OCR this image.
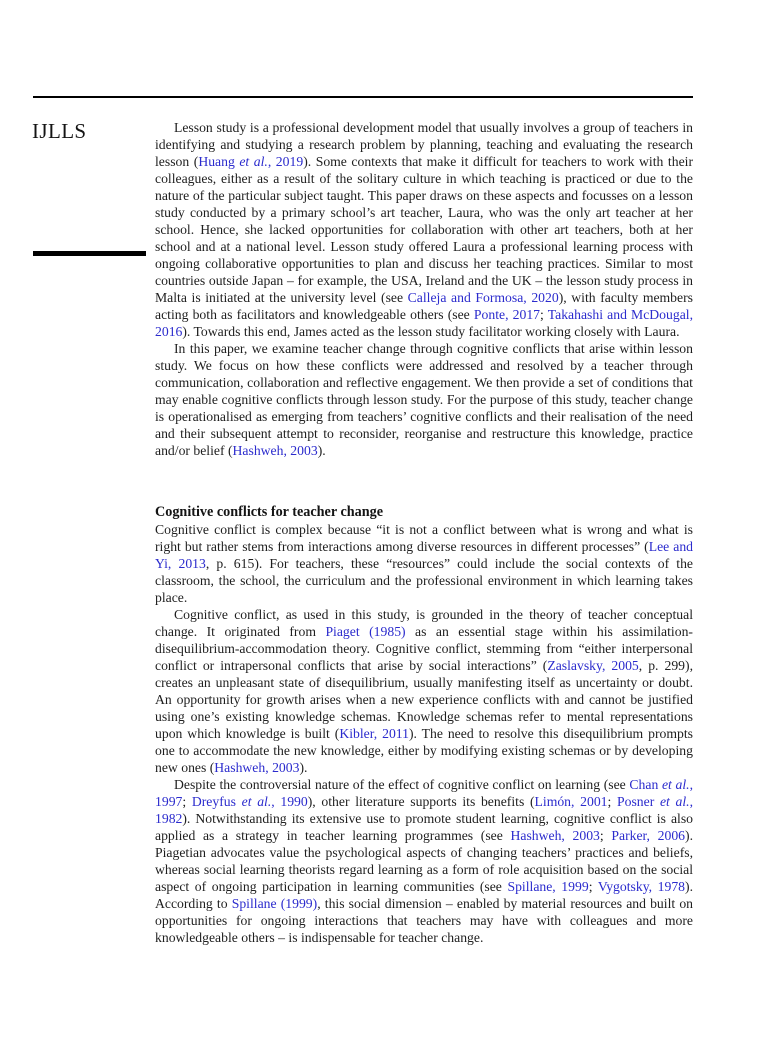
IJLLS	Lesson study is a professional development model that usually involves a group of teachers in identifying and studying a research problem by planning, teaching and evaluating the research lesson (Huang et al., 2019). Some contexts that make it difficult for teachers to work with their colleagues, either as a result of the solitary culture in which teaching is practiced or due to the nature of the particular subject taught. This paper draws on these aspects and focusses on a lesson study conducted by a primary school’s art teacher, Laura, who was the only art teacher at her school. Hence, she lacked opportunities for collaboration with other art teachers, both at her school and at a national level. Lesson study offered Laura a professional learning process with ongoing collaborative opportunities to plan and discuss her teaching practices. Similar to most countries outside Japan – for example, the USA, Ireland and the UK – the lesson study process in Malta is initiated at the university level (see Calleja and Formosa, 2020), with faculty members acting both as facilitators and knowledgeable others (see Ponte, 2017; Takahashi and McDougal, 2016). Towards this end, James acted as the lesson study facilitator working closely with Laura.

In this paper, we examine teacher change through cognitive conflicts that arise within lesson study. We focus on how these conflicts were addressed and resolved by a teacher through communication, collaboration and reflective engagement. We then provide a set of conditions that may enable cognitive conflicts through lesson study. For the purpose of this study, teacher change is operationalised as emerging from teachers’ cognitive conflicts and their realisation of the need and their subsequent attempt to reconsider, reorganise and restructure this knowledge, practice and/or belief (Hashweh, 2003).

Cognitive conflicts for teacher change

Cognitive conflict is complex because “it is not a conflict between what is wrong and what is right but rather stems from interactions among diverse resources in different processes” (Lee and Yi, 2013, p. 615). For teachers, these “resources” could include the social contexts of the classroom, the school, the curriculum and the professional environment in which learning takes place.

Cognitive conflict, as used in this study, is grounded in the theory of teacher conceptual change. It originated from Piaget (1985) as an essential stage within his assimilation-disequilibrium-accommodation theory. Cognitive conflict, stemming from “either interpersonal conflict or intrapersonal conflicts that arise by social interactions” (Zaslavsky, 2005, p. 299), creates an unpleasant state of disequilibrium, usually manifesting itself as uncertainty or doubt. An opportunity for growth arises when a new experience conflicts with and cannot be justified using one’s existing knowledge schemas. Knowledge schemas refer to mental representations upon which knowledge is built (Kibler, 2011). The need to resolve this disequilibrium prompts one to accommodate the new knowledge, either by modifying existing schemas or by developing new ones (Hashweh, 2003).

Despite the controversial nature of the effect of cognitive conflict on learning (see Chan et al., 1997; Dreyfus et al., 1990), other literature supports its benefits (Limón, 2001; Posner et al., 1982). Notwithstanding its extensive use to promote student learning, cognitive conflict is also applied as a strategy in teacher learning programmes (see Hashweh, 2003; Parker, 2006). Piagetian advocates value the psychological aspects of changing teachers’ practices and beliefs, whereas social learning theorists regard learning as a form of role acquisition based on the social aspect of ongoing participation in learning communities (see Spillane, 1999; Vygotsky, 1978). According to Spillane (1999), this social dimension – enabled by material resources and built on opportunities for ongoing interactions that teachers may have with colleagues and more knowledgeable others – is indispensable for teacher change.
